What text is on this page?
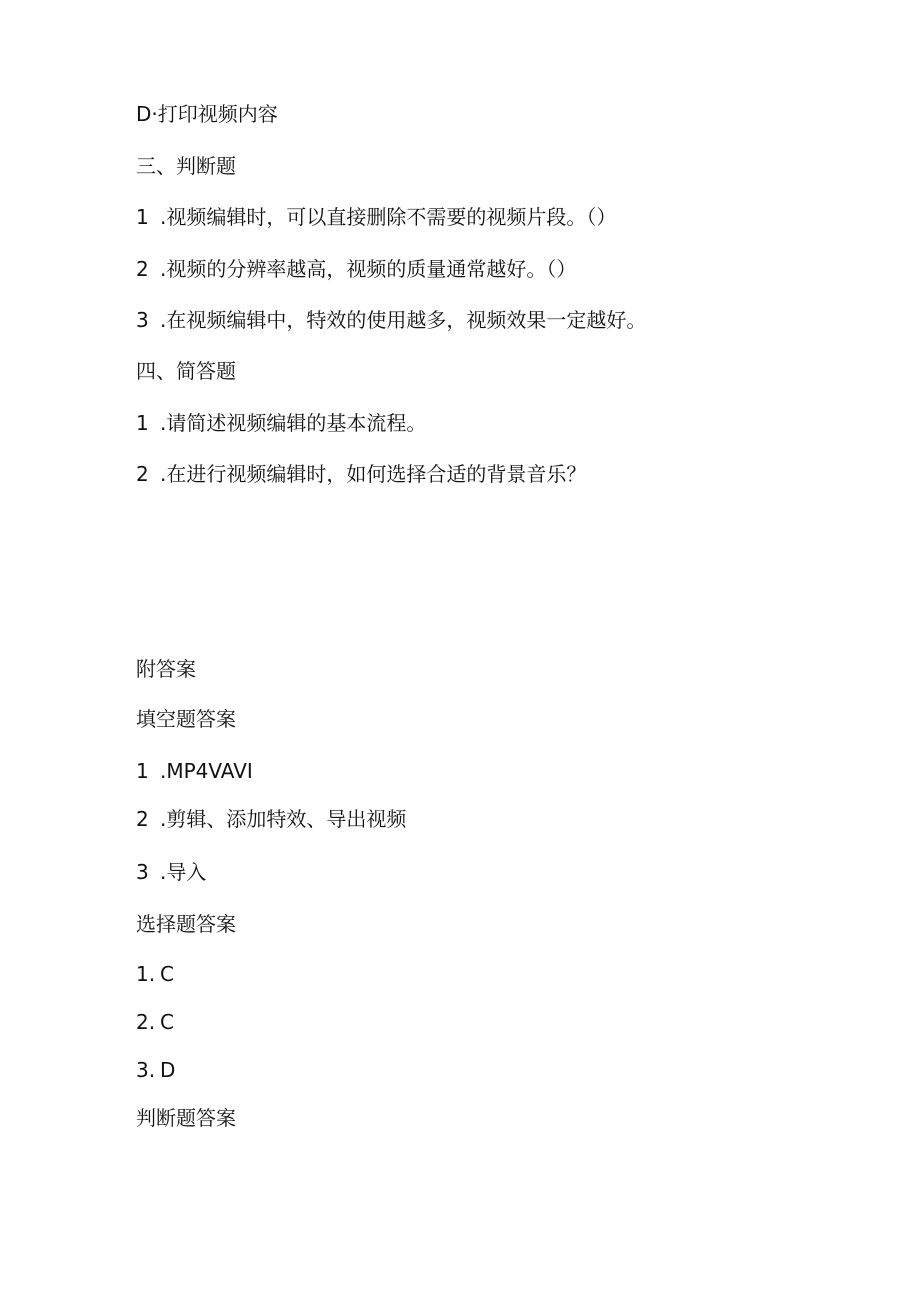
D·打印视频内容
三、判断题
1 .视频编辑时，可以直接删除不需要的视频片段。（）
2 .视频的分辨率越高，视频的质量通常越好。（）
3 .在视频编辑中，特效的使用越多，视频效果一定越好。
四、简答题
1 .请简述视频编辑的基本流程。
2 .在进行视频编辑时，如何选择合适的背景音乐？
附答案
填空题答案
1 .MP4VAVI
2 .剪辑、添加特效、导出视频
3 .导入
选择题答案
1. C
2. C
3. D
判断题答案
